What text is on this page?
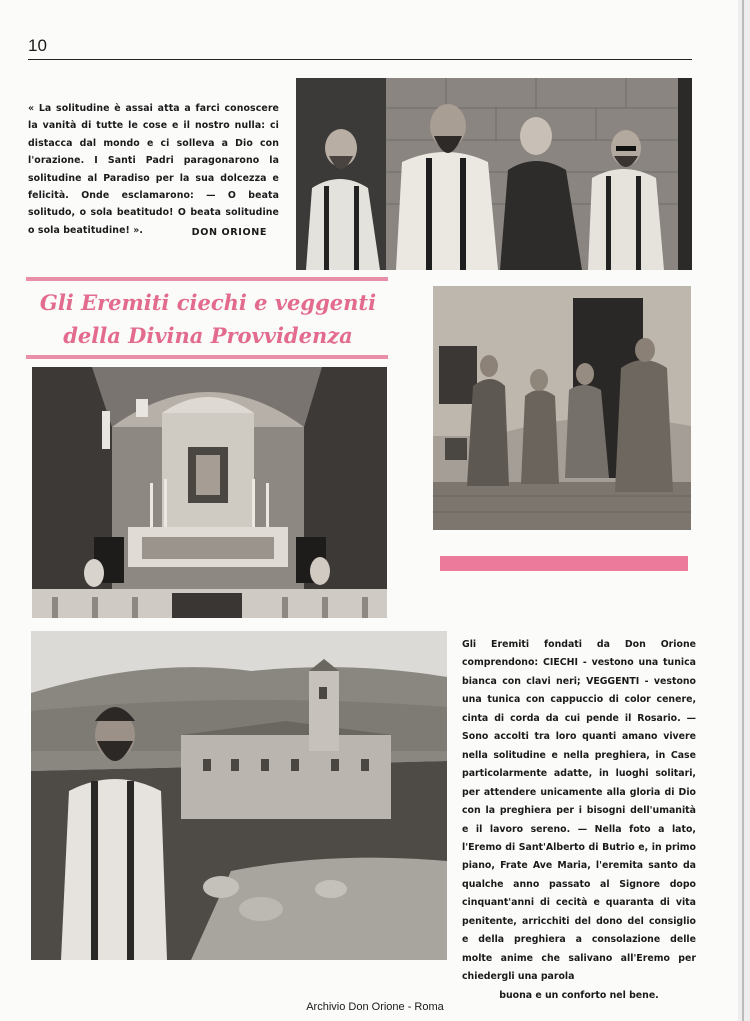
10
« La solitudine è assai atta a farci conoscere la vanità di tutte le cose e il nostro nulla: ci distacca dal mondo e ci solleva a Dio con l'orazione. I Santi Padri paragonarono la solitudine al Paradiso per la sua dolcezza e felicità. Onde esclamarono: — O beata solitudo, o sola beatitudo! O beata solitudine o sola beatitudine! ».	DON ORIONE
Gli Eremiti ciechi e veggenti
della Divina Provvidenza
Gli Eremiti fondati da Don Orione comprendono: CIECHI - vestono una tunica bianca con clavi neri; VEGGENTI - vestono una tunica con cappuccio di color cenere, cinta di corda da cui pende il Rosario. — Sono accolti tra loro quanti amano vivere nella solitudine e nella preghiera, in Case particolarmente adatte, in luoghi solitari, per attendere unicamente alla gloria di Dio con la preghiera per i bisogni dell'umanità e il lavoro sereno. — Nella foto a lato, l'Eremo di Sant'Alberto di Butrio e, in primo piano, Frate Ave Maria, l'eremita santo da qualche anno passato al Signore dopo cinquant'anni di cecità e quaranta di vita penitente, arricchiti del dono del consiglio e della preghiera a consolazione delle molte anime che salivano all'Eremo per chiedergli una parola
buona e un conforto nel bene.
Archivio Don Orione - Roma
